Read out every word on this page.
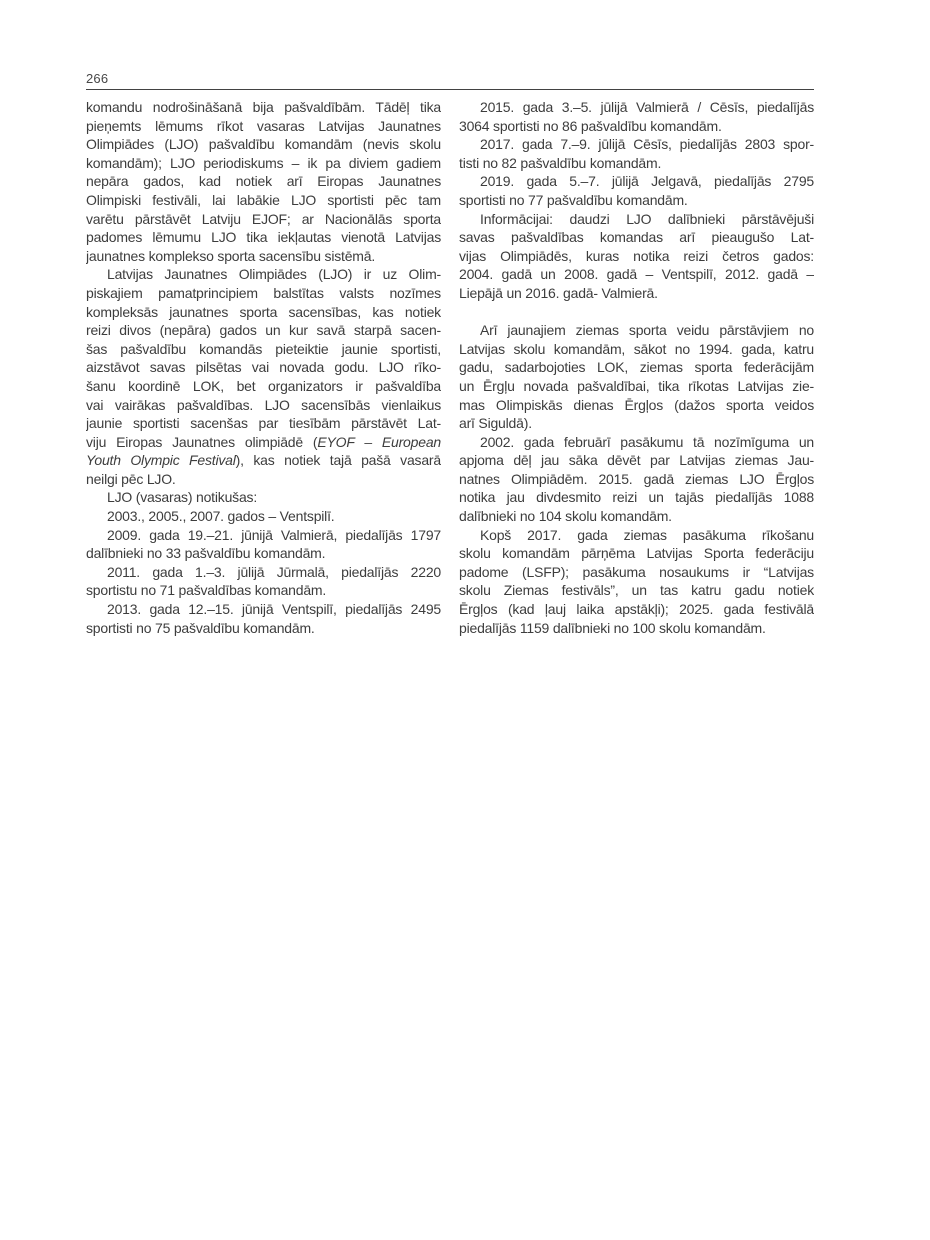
266
komandu nodrošināšanā bija pašvaldībām. Tādēļ tika
pieņemts lēmums rīkot vasaras Latvijas Jaunatnes
Olimpiādes (LJO) pašvaldību komandām (nevis skolu
komandām); LJO periodiskums – ik pa diviem gadiem
nepāra gados, kad notiek arī Eiropas Jaunatnes
Olimpiski festivāli, lai labākie LJO sportisti pēc tam
varētu pārstāvēt Latviju EJOF; ar Nacionālās sporta
padomes lēmumu LJO tika iekļautas vienotā Latvijas
jaunatnes komplekso sporta sacensību sistēmā.
Latvijas Jaunatnes Olimpiādes (LJO) ir uz Olim-
piskajiem pamatprincipiem balstītas valsts nozīmes
kompleksās jaunatnes sporta sacensības, kas notiek
reizi divos (nepāra) gados un kur savā starpā sacen-
šas pašvaldību komandās pieteiktie jaunie sportisti,
aizstāvot savas pilsētas vai novada godu. LJO rīko-
šanu koordinē LOK, bet organizators ir pašvaldība
vai vairākas pašvaldības. LJO sacensībās vienlaikus
jaunie sportisti sacenšas par tiesībām pārstāvēt Lat-
viju Eiropas Jaunatnes olimpiādē (EYOF – European
Youth Olympic Festival), kas notiek tajā pašā vasarā
neilgi pēc LJO.
LJO (vasaras) notikušas:
2003., 2005., 2007. gados – Ventspilī.
2009. gada 19.–21. jūnijā Valmierā, piedalījās 1797
dalībnieki no 33 pašvaldību komandām.
2011. gada 1.–3. jūlijā Jūrmalā, piedalījās 2220
sportistu no 71 pašvaldības komandām.
2013. gada 12.–15. jūnijā Ventspilī, piedalījās 2495
sportisti no 75 pašvaldību komandām.
2015. gada 3.–5. jūlijā Valmierā / Cēsīs, piedalījās
3064 sportisti no 86 pašvaldību komandām.
2017. gada 7.–9. jūlijā Cēsīs, piedalījās 2803 spor-
tisti no 82 pašvaldību komandām.
2019. gada 5.–7. jūlijā Jelgavā, piedalījās 2795
sportisti no 77 pašvaldību komandām.
Informācijai: daudzi LJO dalībnieki pārstāvējuši
savas pašvaldības komandas arī pieaugušo Lat-
vijas Olimpiādēs, kuras notika reizi četros gados:
2004. gadā un 2008. gadā – Ventspilī, 2012. gadā –
Liepājā un 2016. gadā- Valmierā.
Arī jaunajiem ziemas sporta veidu pārstāvjiem no
Latvijas skolu komandām, sākot no 1994. gada, katru
gadu, sadarbojoties LOK, ziemas sporta federācijām
un Ērgļu novada pašvaldībai, tika rīkotas Latvijas zie-
mas Olimpiskās dienas Ērgļos (dažos sporta veidos
arī Siguldā).
2002. gada februārī pasākumu tā nozīmīguma un
apjoma dēļ jau sāka dēvēt par Latvijas ziemas Jau-
natnes Olimpiādēm. 2015. gadā ziemas LJO Ērgļos
notika jau divdesmito reizi un tajās piedalījās 1088
dalībnieki no 104 skolu komandām.
Kopš 2017. gada ziemas pasākuma rīkošanu
skolu komandām pārņēma Latvijas Sporta federāciju
padome (LSFP); pasākuma nosaukums ir “Latvijas
skolu Ziemas festivāls”, un tas katru gadu notiek
Ērgļos (kad ļauj laika apstākļi); 2025. gada festivālā
piedalījās 1159 dalībnieki no 100 skolu komandām.
